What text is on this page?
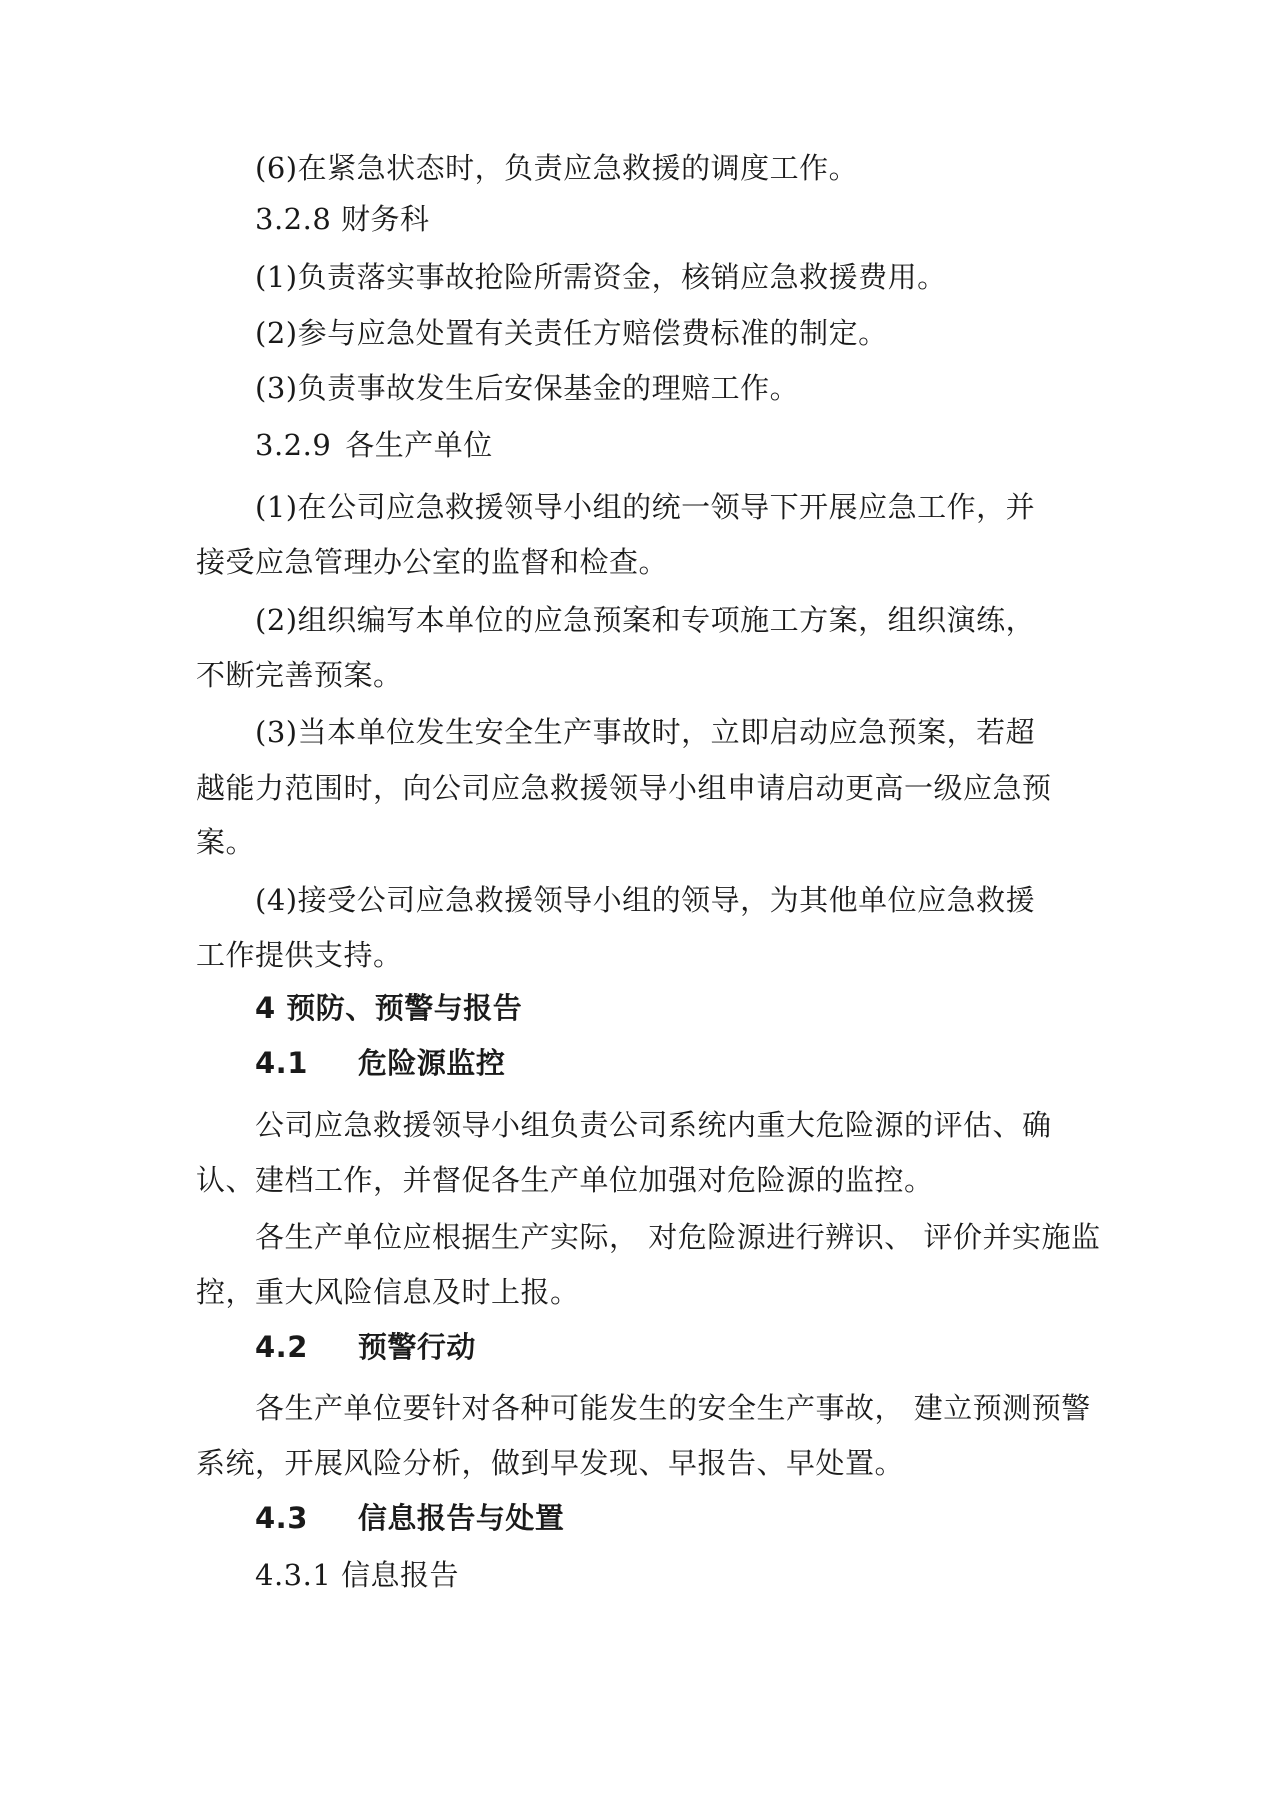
(6)在紧急状态时，负责应急救援的调度工作。
3.2.8 财务科
(1)负责落实事故抢险所需资金，核销应急救援费用。
(2)参与应急处置有关责任方赔偿费标准的制定。
(3)负责事故发生后安保基金的理赔工作。
3.2.9 各生产单位
(1)在公司应急救援领导小组的统一领导下开展应急工作，并
接受应急管理办公室的监督和检查。
(2)组织编写本单位的应急预案和专项施工方案，组织演练，
不断完善预案。
(3)当本单位发生安全生产事故时，立即启动应急预案，若超
越能力范围时，向公司应急救援领导小组申请启动更高一级应急预
案。
(4)接受公司应急救援领导小组的领导，为其他单位应急救援
工作提供支持。
4 预防、预警与报告
4.1 危险源监控
公司应急救援领导小组负责公司系统内重大危险源的评估、确
认、建档工作，并督促各生产单位加强对危险源的监控。
各生产单位应根据生产实际， 对危险源进行辨识、 评价并实施监
控，重大风险信息及时上报。
4.2 预警行动
各生产单位要针对各种可能发生的安全生产事故， 建立预测预警
系统，开展风险分析，做到早发现、早报告、早处置。
4.3 信息报告与处置
4.3.1 信息报告
